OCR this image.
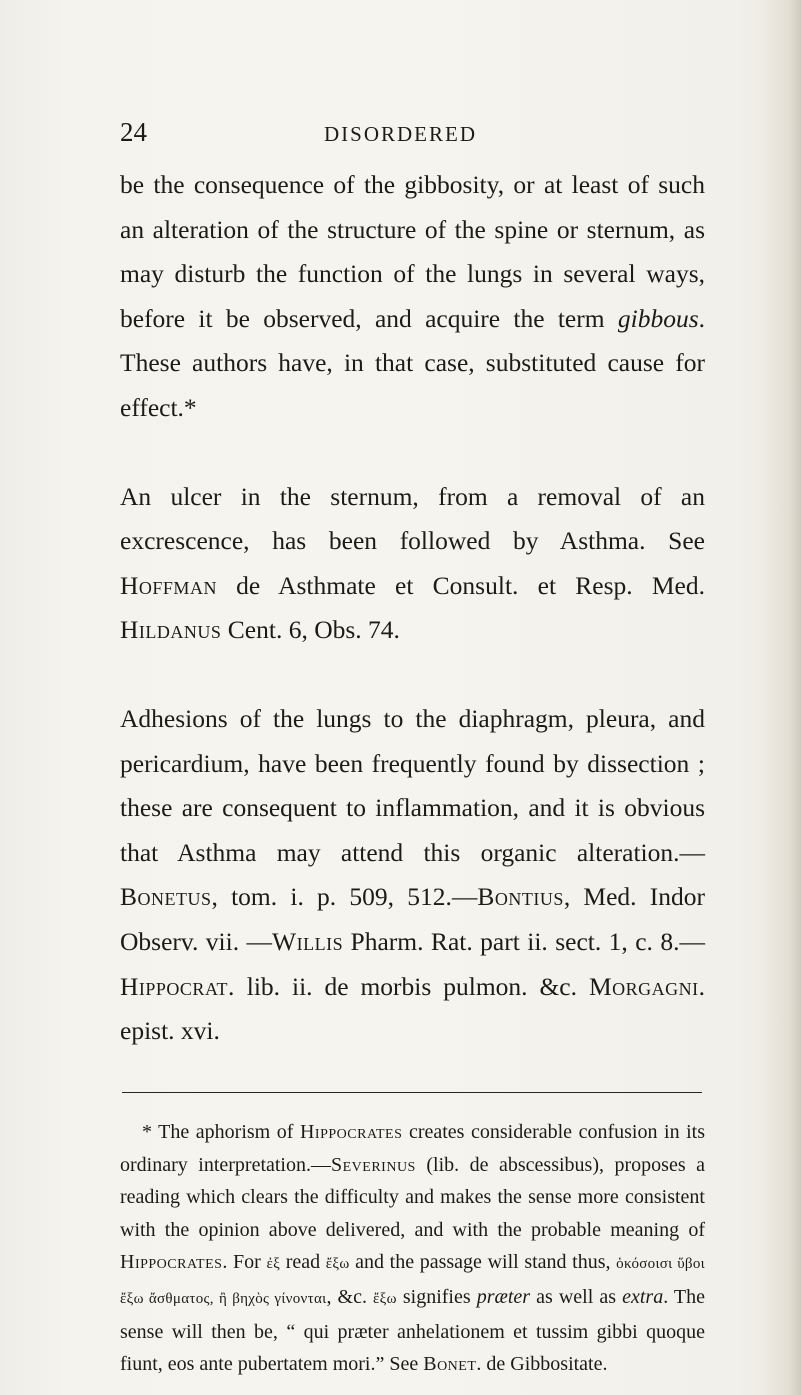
24	DISORDERED

be the consequence of the gibbosity, or at least of such an alteration of the structure of the spine or sternum, as may disturb the function of the lungs in several ways, before it be observed, and acquire the term gibbous. These authors have, in that case, substituted cause for effect.*

An ulcer in the sternum, from a removal of an excrescence, has been followed by Asthma. See Hoffman de Asthmate et Consult. et Resp. Med. Hildanus Cent. 6, Obs. 74.

Adhesions of the lungs to the diaphragm, pleura, and pericardium, have been frequently found by dissection ; these are consequent to inflammation, and it is obvious that Asthma may attend this organic alteration.—Bonetus, tom. i. p. 509, 512.—Bontius, Med. Indor Observ. vii. —Willis Pharm. Rat. part ii. sect. 1, c. 8.— Hippocrat. lib. ii. de morbis pulmon. &c. Morgagni. epist. xvi.

* The aphorism of Hippocrates creates considerable confusion in its ordinary interpretation.—Severinus (lib. de abscessibus), proposes a reading which clears the difficulty and makes the sense more consistent with the opinion above delivered, and with the probable meaning of Hippocrates. For ἐξ read ἔξω and the passage will stand thus, ὁκόσοισι ὕβοι ἔξω ἄσθματος, ἢ βηχὸς γίνονται, &c. ἔξω signifies præter as well as extra. The sense will then be, “ qui præter anhelationem et tussim gibbi quoque fiunt, eos ante pubertatem mori.” See Bonet. de Gibbositate.
